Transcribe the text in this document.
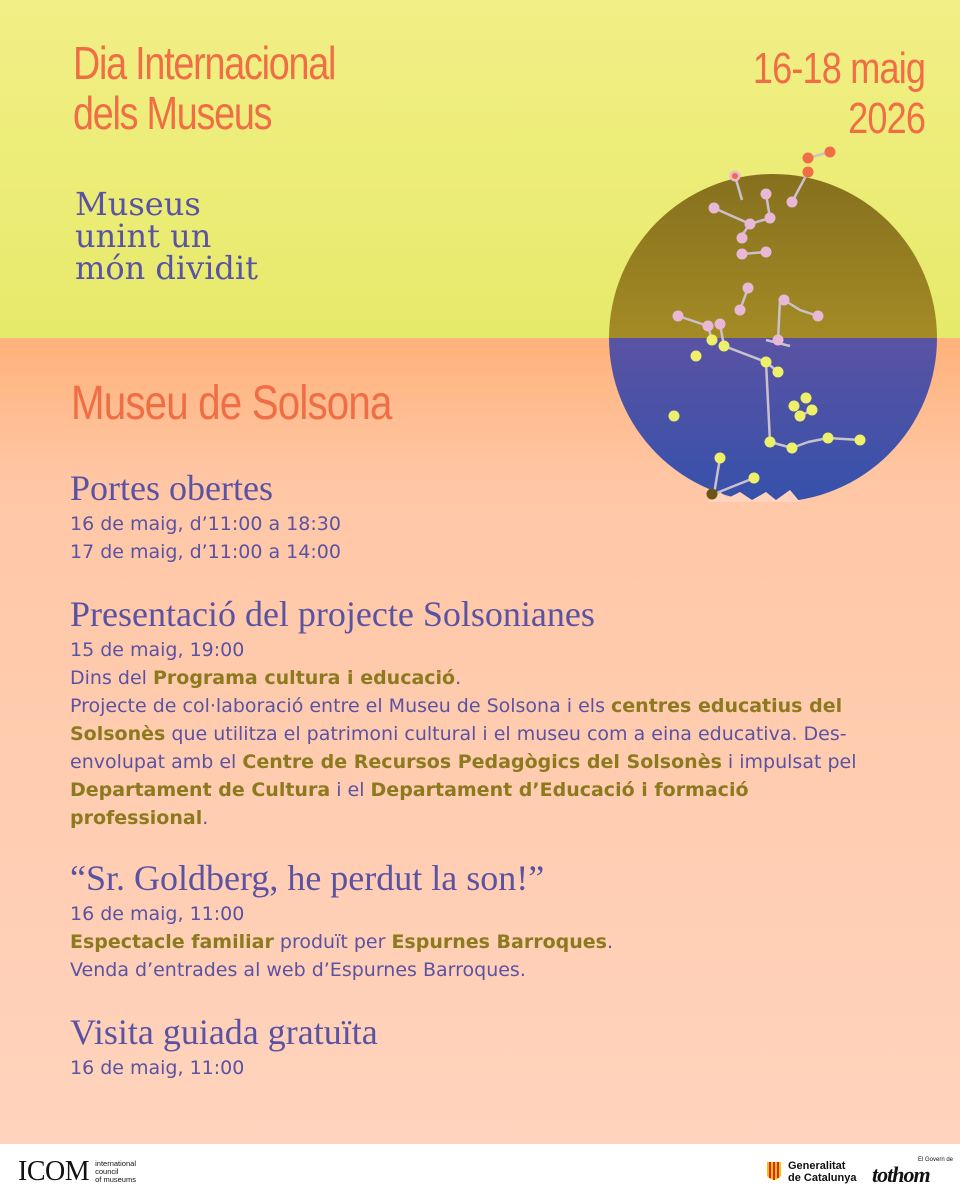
Dia Internacional
dels Museus
16-18 maig
2026
Museus
unint un
món dividit
Museu de Solsona
Portes obertes

16 de maig, d’11:00 a 18:30

17 de maig, d’11:00 a 14:00

Presentació del projecte Solsonianes

15 de maig, 19:00

Dins del Programa cultura i educació.

Projecte de col·laboració entre el Museu de Solsona i els centres educatius del Solsonès que utilitza el patrimoni cultural i el museu com a eina educativa. Des-envolupat amb el Centre de Recursos Pedagògics del Solsonès i impulsat pel Departament de Cultura i el Departament d’Educació i formació professional.

“Sr. Goldberg, he perdut la son!”

16 de maig, 11:00

Espectacle familiar produït per Espurnes Barroques.

Venda d’entrades al web d’Espurnes Barroques.

Visita guiada gratuïta

16 de maig, 11:00

ICOM international
council
of museums
Generalitat
de Catalunya
El Govern de
tothom
